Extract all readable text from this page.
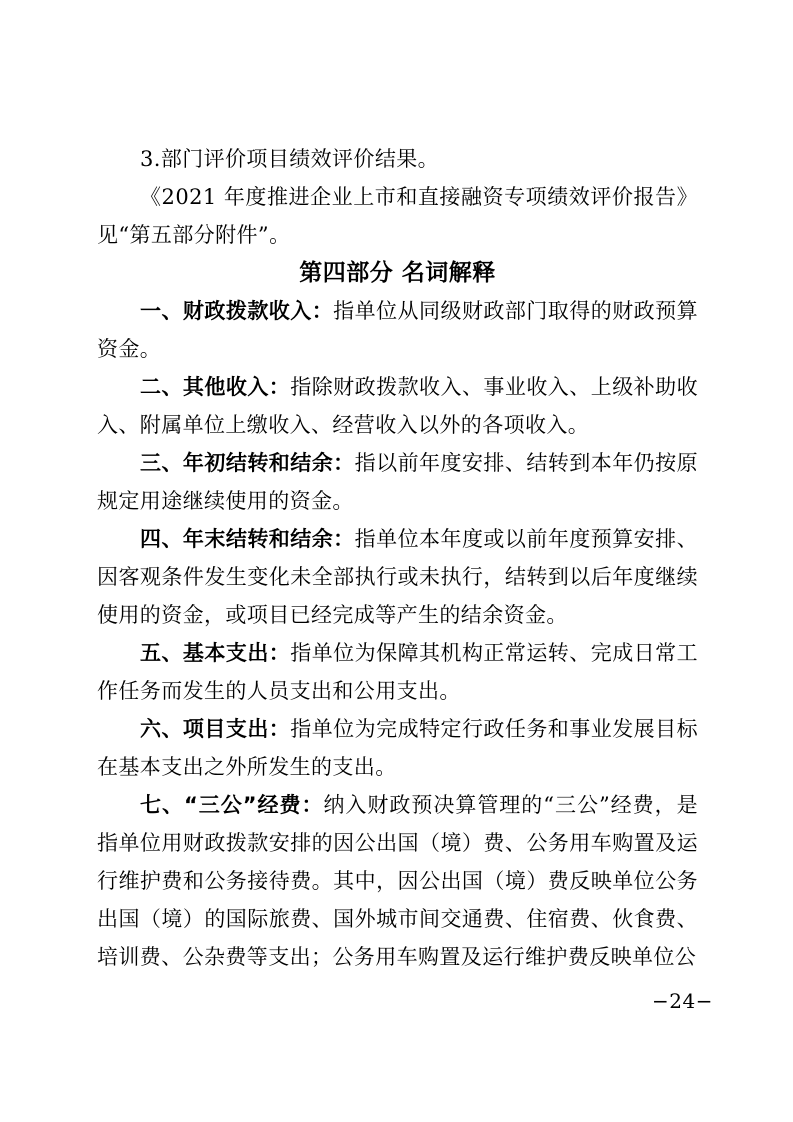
3.部门评价项目绩效评价结果。

《2021 年度推进企业上市和直接融资专项绩效评价报告》见“第五部分附件”。

第四部分 名词解释

一、财政拨款收入：指单位从同级财政部门取得的财政预算资金。

二、其他收入：指除财政拨款收入、事业收入、上级补助收入、附属单位上缴收入、经营收入以外的各项收入。

三、年初结转和结余：指以前年度安排、结转到本年仍按原规定用途继续使用的资金。

四、年末结转和结余：指单位本年度或以前年度预算安排、因客观条件发生变化未全部执行或未执行，结转到以后年度继续使用的资金，或项目已经完成等产生的结余资金。

五、基本支出：指单位为保障其机构正常运转、完成日常工作任务而发生的人员支出和公用支出。

六、项目支出：指单位为完成特定行政任务和事业发展目标在基本支出之外所发生的支出。

七、“三公”经费：纳入财政预决算管理的“三公”经费，是指单位用财政拨款安排的因公出国（境）费、公务用车购置及运行维护费和公务接待费。其中，因公出国（境）费反映单位公务出国（境）的国际旅费、国外城市间交通费、住宿费、伙食费、培训费、公杂费等支出；公务用车购置及运行维护费反映单位公

−24−
